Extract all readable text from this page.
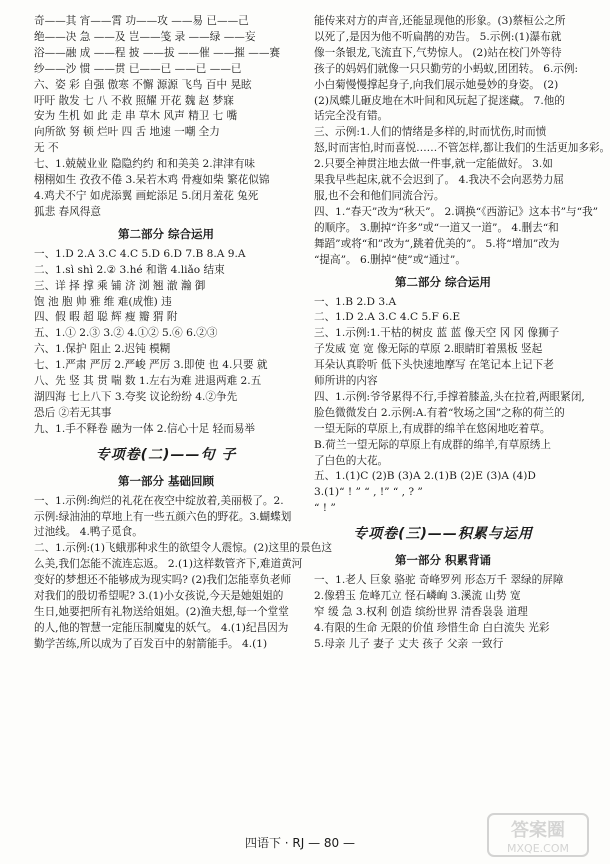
奇——其 宵——霄 功——攻 ——易 已——己
绝——决 急 ——及 岂——笺 录 ——绿 ——妄
浴——融 成 ——程 披 ——拔 ——催 ——摧 ——赛
纱——沙 惯 ——贯 已——已 ——已 ——已
六、姿 彩 自强 傲寒 不懈 源源 飞鸟 百中 晃眩
吁吁 散发 七 八 不救 照耀 开花 魏 赵 梦寐
安为 生机 如 此 走 串 草木 风声 精卫 七 嘴
向所欲 努 顿 烂叶 四 舌 地速 一嘲 全力
无 不
七、1.兢兢业业 隐隐约约 和和美美 2.津津有味
栩栩如生 孜孜不倦 3.呆若木鸡 骨瘦如柴 繁花似锦
4.鸡犬不宁 如虎添翼 画蛇添足 5.闭月羞花 兔死
狐悲 春风得意
第二部分 综合运用
一、1.D 2.A 3.C 4.C 5.D 6.D 7.B 8.A 9.A
二、1.sì shì 2.② 3.hé 和谐 4.liǎo 结束
三、详 择 撑 乘 铺 济 浏 翘 澈 瀚 御
饱 池 胞 帅 雅 维 难(成惟) 违
四、假 暇 超 聪 辉 瘦 瓣 猬 附
五、1.① 2.③ 3.② 4.①② 5.⑥ 6.②③
六、1.保护 阻止 2.迟钝 模糊
七、1.严肃 严厉 2.严峻 严厉 3.即使 也 4.只要 就
八、先 竖 其 贯 喘 数 1.左右为难 进退两难 2.五
湖四海 七上八下 3.夸奖 议论纷纷 4.②争先
恐后 ②若无其事
九、1.手不释卷 融为一体 2.信心十足 轻而易举
专项卷(二)——句 子
第一部分 基础回顾
一、1.示例:绚烂的礼花在夜空中绽放着,美丽极了。2.
示例:绿油油的草地上有一些五颜六色的野花。3.蝴蝶划
过池线。 4.鸭子觅食。
二、1.示例:(1)飞蛾那种求生的欲望令人震惊。(2)这里的景色这
么美,我们怎能不流连忘返。 2.(1)这样数管齐下,难道黄河
变好的梦想还不能够成为现实吗? (2)我们怎能辜负老师
对我们的殷切希望呢? 3.(1)小女孩说,今天是她姐姐的
生日,她要把所有礼物送给姐姐。(2)渔夫想,每一个堂堂
的人,他的智慧一定能压制魔鬼的妖气。 4.(1)纪昌因为
勤学苦练,所以成为了百发百中的射箭能手。 4.(1)
能传来对方的声音,还能显现他的形象。(3)蔡桓公之所
以死了,是因为他不听扁鹊的劝告。 5.示例:(1)瀑布就
像一条银龙,飞流直下,气势惊人。 (2)站在校门外等待
孩子的妈妈们就像一只只勤劳的小蚂蚁,团团转。 6.示例:
小白菊慢慢撑起身子,向我们展示她曼妙的身姿。 (2)
(2)凤蝶儿砸皮地在木叶间和风玩起了捉迷藏。 7.他的
话完全没有错。
三、示例:1.人们的情绪是多样的,时而忧伤,时而愤
怒,时而害怕,时而喜悦……不管怎样,都让我们的生活更加多彩。
2.只要全神贯注地去做一件事,就一定能做好。 3.如
果我早些起床,就不会迟到了。 4.我决不会向恶势力屈
服,也不会和他们同流合污。
四、1.“春天”改为“秋天”。 2.调换“《西游记》这本书”与“我”
的顺序。 3.删掉“许多”或“一道又一道”。 4.删去“和
舞蹈”或将“和”改为“,跳着优美的”。 5.将“增加”改为
“提高”。 6.删掉“使”或“通过”。
第二部分 综合运用
一、1.B 2.D 3.A
二、1.D 2.A 3.C 4.C 5.F 6.E
三、1.示例:1.干枯的树皮 蓝 蓝 像天空 冈 冈 像狮子
子发威 宽 宽 像无际的草原 2.眼睛盯着黑板 竖起
耳朵认真聆听 低下头快速地摩写 在笔记本上记下老
师所讲的内容
四、1.示例:爷爷累得不行,手撑着膝盖,头在拉着,两眼紧闭,
脸色微微发白 2.示例:A.有着“牧场之国”之称的荷兰的
一望无际的草原上,有成群的绵羊在悠闲地吃着草。
B.荷兰一望无际的草原上有成群的绵羊,有草原绣上
了白色的大花。
五、1.(1)C (2)B (3)A 2.(1)B (2)E (3)A (4)D
3.(1)“ ! ” “ , !” “ , ? ”
“ ! ”
专项卷(三)——积累与运用
第一部分 积累背诵
一、1.老人 巨象 骆驼 奇峰罗列 形态万千 翠绿的屏障
2.像碧玉 危峰兀立 怪石嶙峋 3.溪流 山势 宽
窄 缓 急 3.权利 创造 缤纷世界 清香袅袅 道理
4.有限的生命 无限的价值 珍惜生命 白白流失 光彩
5.母亲 儿子 妻子 丈夫 孩子 父亲 一致行
四语下 · RJ — 80 —
答案圈
MXQE.COM
